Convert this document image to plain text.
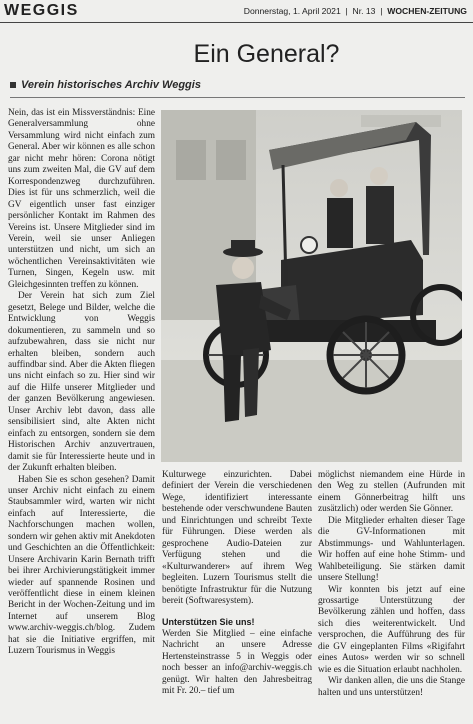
WEGGIS	Donnerstag, 1. April 2021  |  Nr. 13  |  WOCHEN-ZEITUNG
Ein General?
Verein historisches Archiv Weggis

Nein, das ist ein Missverständnis: Eine Generalversammlung ohne Versammlung wird nicht einfach zum General. Aber wir können es alle schon gar nicht mehr hören: Corona nötigt uns zum zweiten Mal, die GV auf dem Korrespondenzweg durchzuführen. Dies ist für uns schmerzlich, weil die GV eigentlich unser fast einziger persönlicher Kontakt im Rahmen des Vereins ist. Unsere Mitglieder sind im Verein, weil sie unser Anliegen unterstützen und nicht, um sich an wöchentlichen Vereinsaktivitäten wie Turnen, Singen, Kegeln usw. mit Gleichgesinnten treffen zu können.

Der Verein hat sich zum Ziel gesetzt, Belege und Bilder, welche die Entwicklung von Weggis dokumentieren, zu sammeln und so aufzubewahren, dass sie nicht nur erhalten bleiben, sondern auch auffindbar sind. Aber die Akten fliegen uns nicht einfach so zu. Hier sind wir auf die Hilfe unserer Mitglieder und der ganzen Bevölkerung angewiesen. Unser Archiv lebt davon, dass alle sensibilisiert sind, alte Akten nicht einfach zu entsorgen, sondern sie dem Historischen Archiv anzuvertrauen, damit sie für Interessierte heute und in der Zukunft erhalten bleiben.

Haben Sie es schon gesehen? Damit unser Archiv nicht einfach zu einem Staubsammler wird, warten wir nicht einfach auf Interessierte, die Nachforschungen machen wollen, sondern wir gehen aktiv mit Anekdoten und Geschichten an die Öffentlichkeit: Unsere Archivarin Karin Bernath trifft bei ihrer Archivierungstätigkeit immer wieder auf spannende Rosinen und veröffentlicht diese in einem kleinen Bericht in der Wochen-Zeitung und im Internet auf unserem Blog www.archiv-weggis.ch/blog. Zudem hat sie die Initiative ergriffen, mit Luzern Tourismus in Weggis

Kulturwege einzurichten. Dabei definiert der Verein die verschiedenen Wege, identifiziert interessante bestehende oder verschwundene Bauten und Einrichtungen und schreibt Texte für Führungen. Diese werden als gesprochene Audio-Dateien zur Verfügung stehen und die «Kulturwanderer» auf ihrem Weg begleiten. Luzern Tourismus stellt die benötigte Infrastruktur für die Nutzung bereit (Softwaresystem).

Unterstützen Sie uns!

Werden Sie Mitglied – eine einfache Nachricht an unsere Adresse Hertensteinstrasse 5 in Weggis oder noch besser an info@archiv-weggis.ch genügt. Wir halten den Jahresbeitrag mit Fr. 20.– tief um

möglichst niemandem eine Hürde in den Weg zu stellen (Aufrunden mit einem Gönnerbeitrag hilft uns zusätzlich) oder werden Sie Gönner.

Die Mitglieder erhalten dieser Tage die GV-Informationen mit Abstimmungs- und Wahlunterlagen. Wir hoffen auf eine hohe Stimm- und Wahlbeteiligung. Sie stärken damit unsere Stellung!

Wir konnten bis jetzt auf eine grossartige Unterstützung der Bevölkerung zählen und hoffen, dass sich dies weiterentwickelt. Und versprochen, die Aufführung des für die GV eingeplanten Films «Rigifahrt eines Autos» werden wir so schnell wie es die Situation erlaubt nachholen.

Wir danken allen, die uns die Stange halten und uns unterstützen!
